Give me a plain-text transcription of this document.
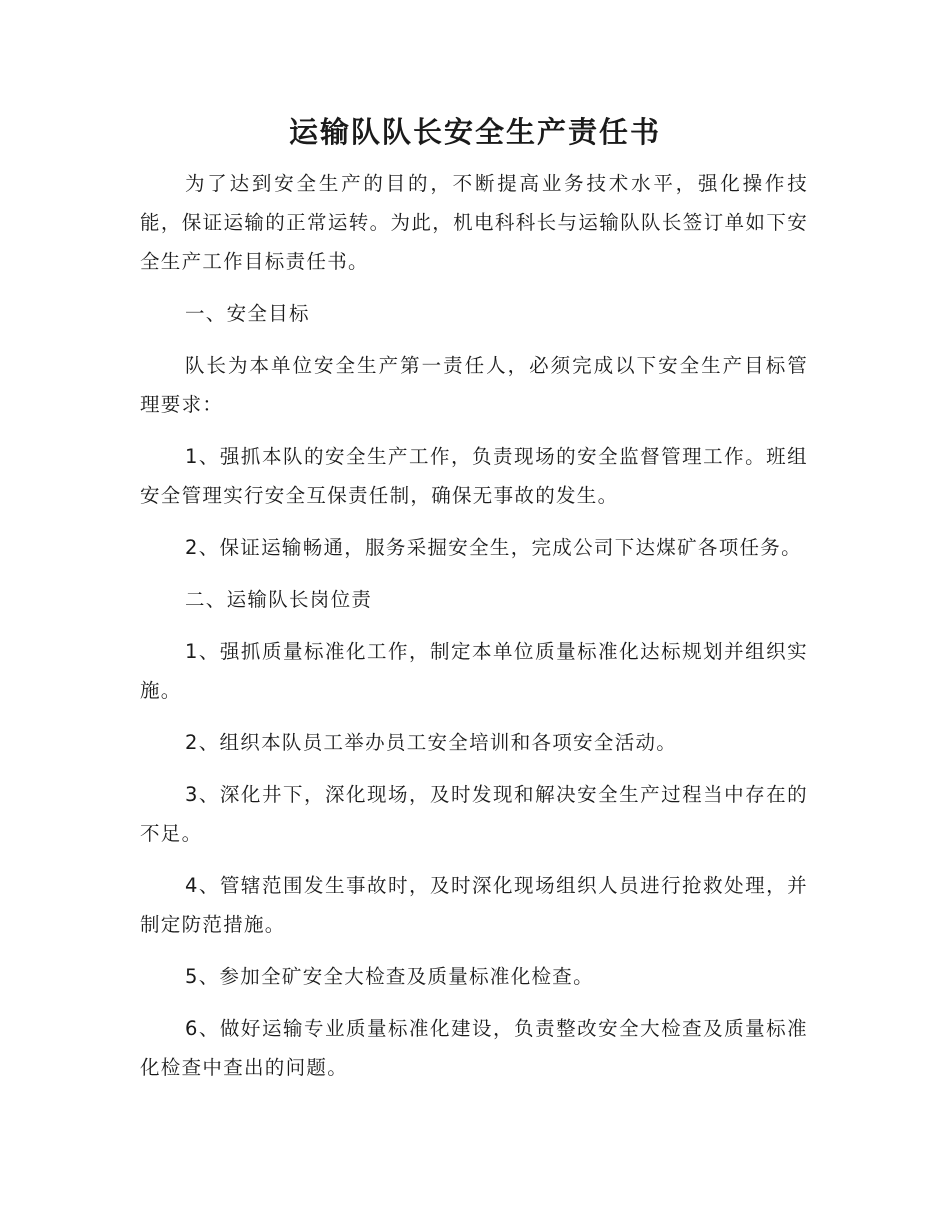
运输队队长安全生产责任书

为了达到安全生产的目的，不断提高业务技术水平，强化操作技能，保证运输的正常运转。为此，机电科科长与运输队队长签订单如下安全生产工作目标责任书。

一、安全目标

队长为本单位安全生产第一责任人，必须完成以下安全生产目标管理要求：

1、强抓本队的安全生产工作，负责现场的安全监督管理工作。班组安全管理实行安全互保责任制，确保无事故的发生。

2、保证运输畅通，服务采掘安全生，完成公司下达煤矿各项任务。

二、运输队长岗位责

1、强抓质量标准化工作，制定本单位质量标准化达标规划并组织实施。

2、组织本队员工举办员工安全培训和各项安全活动。

3、深化井下，深化现场，及时发现和解决安全生产过程当中存在的不足。

4、管辖范围发生事故时，及时深化现场组织人员进行抢救处理，并制定防范措施。

5、参加全矿安全大检查及质量标准化检查。

6、做好运输专业质量标准化建设，负责整改安全大检查及质量标准化检查中查出的问题。
